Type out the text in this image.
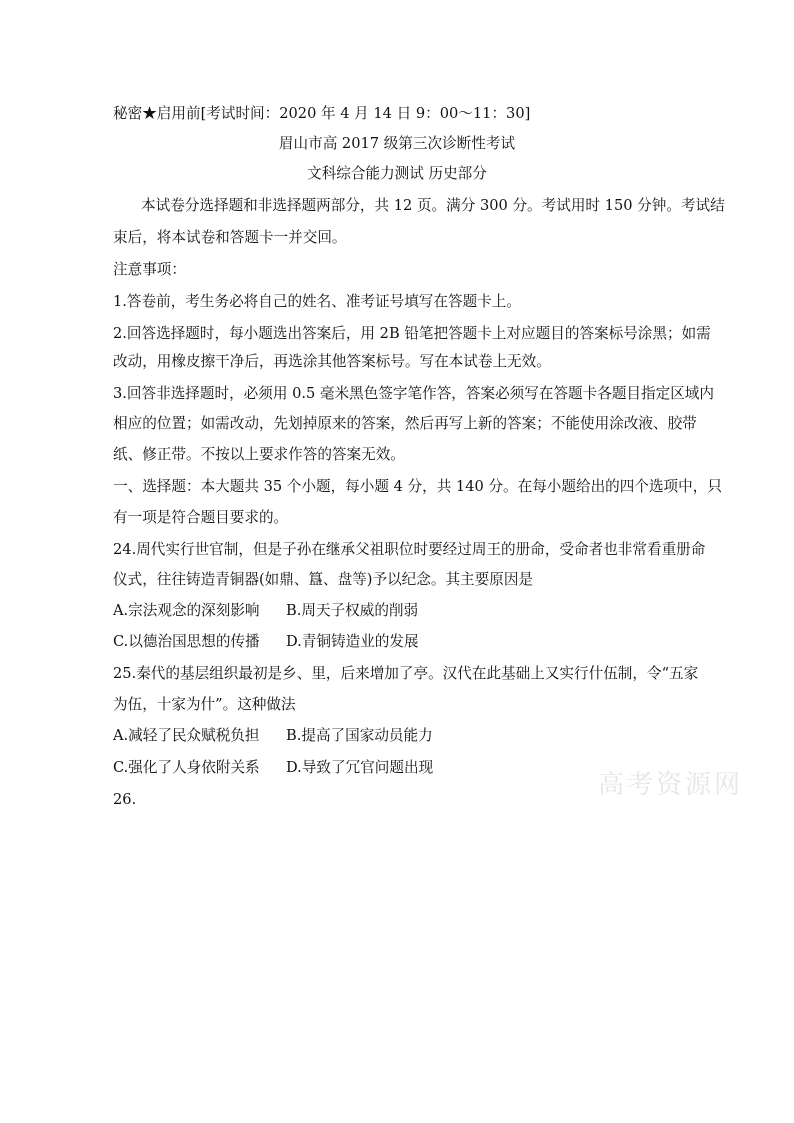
秘密★启用前[考试时间：2020 年 4 月 14 日 9：00～11：30]
眉山市高 2017 级第三次诊断性考试
文科综合能力测试 历史部分
本试卷分选择题和非选择题两部分，共 12 页。满分 300 分。考试用时 150 分钟。考试结
束后，将本试卷和答题卡一并交回。
注意事项：
1.答卷前，考生务必将自己的姓名、准考证号填写在答题卡上。
2.回答选择题时，每小题选出答案后，用 2B 铅笔把答题卡上对应题目的答案标号涂黑；如需
改动，用橡皮擦干净后，再选涂其他答案标号。写在本试卷上无效。
3.回答非选择题时，必须用 0.5 毫米黑色签字笔作答，答案必须写在答题卡各题目指定区域内
相应的位置；如需改动，先划掉原来的答案，然后再写上新的答案；不能使用涂改液、胶带
纸、修正带。不按以上要求作答的答案无效。
一、选择题：本大题共 35 个小题，每小题 4 分，共 140 分。在每小题给出的四个选项中，只
有一项是符合题目要求的。
24.周代实行世官制，但是子孙在继承父祖职位时要经过周王的册命，受命者也非常看重册命
仪式，往往铸造青铜器(如鼎、簋、盘等)予以纪念。其主要原因是
A.宗法观念的深刻影响 B.周天子权威的削弱
C.以德治国思想的传播 D.青铜铸造业的发展
25.秦代的基层组织最初是乡、里，后来增加了亭。汉代在此基础上又实行什伍制，令“五家
为伍，十家为什”。这种做法
A.减轻了民众赋税负担 B.提高了国家动员能力
C.强化了人身依附关系 D.导致了冗官问题出现
26.	高考资源网
